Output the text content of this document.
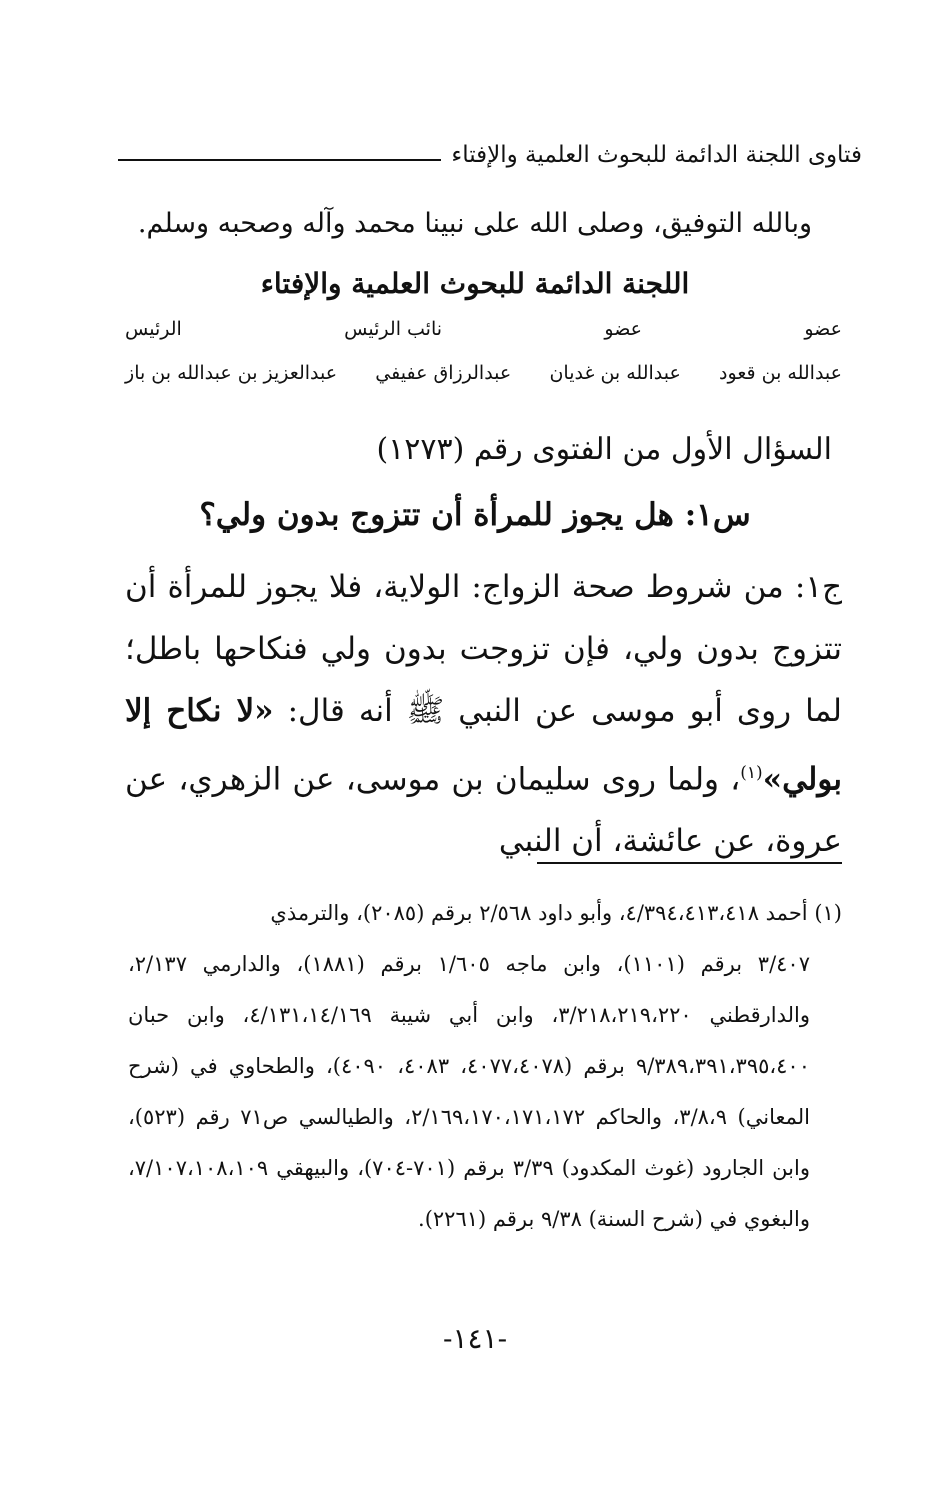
فتاوى اللجنة الدائمة للبحوث العلمية والإفتاء
وبالله التوفيق، وصلى الله على نبينا محمد وآله وصحبه وسلم.
اللجنة الدائمة للبحوث العلمية والإفتاء
عضو
عضو
نائب الرئيس
الرئيس
عبدالله بن قعود
عبدالله بن غديان
عبدالرزاق عفيفي
عبدالعزيز بن عبدالله بن باز
السؤال الأول من الفتوى رقم (١٢٧٣)
س١: هل يجوز للمرأة أن تتزوج بدون ولي؟
ج١: من شروط صحة الزواج: الولاية، فلا يجوز للمرأة أن تتزوج بدون ولي، فإن تزوجت بدون ولي فنكاحها باطل؛ لما روى أبو موسى عن النبي ﷺ أنه قال: «لا نكاح إلا بولي»$^{(١)}$، ولما روى سليمان بن موسى، عن الزهري، عن عروة، عن عائشة، أن النبي
(١) أحمد ٤/٣٩٤،٤١٣،٤١٨، وأبو داود ٢/٥٦٨ برقم (٢٠٨٥)، والترمذي
٣/٤٠٧ برقم (١١٠١)، وابن ماجه ١/٦٠٥ برقم (١٨٨١)، والدارمي ٢/١٣٧، والدارقطني ٣/٢١٨،٢١٩،٢٢٠، وابن أبي شيبة ٤/١٣١،١٤/١٦٩، وابن حبان ٩/٣٨٩،٣٩١،٣٩٥،٤٠٠ برقم (٤٠٧٧،٤٠٧٨، ٤٠٨٣، ٤٠٩٠)، والطحاوي في (شرح المعاني) ٣/٨،٩، والحاكم ٢/١٦٩،١٧٠،١٧١،١٧٢، والطيالسي ص٧١ رقم (٥٢٣)، وابن الجارود (غوث المكدود) ٣/٣٩ برقم (٧٠١-٧٠٤)، والبيهقي ٧/١٠٧،١٠٨،١٠٩، والبغوي في (شرح السنة) ٩/٣٨ برقم (٢٢٦١).
-١٤١-
